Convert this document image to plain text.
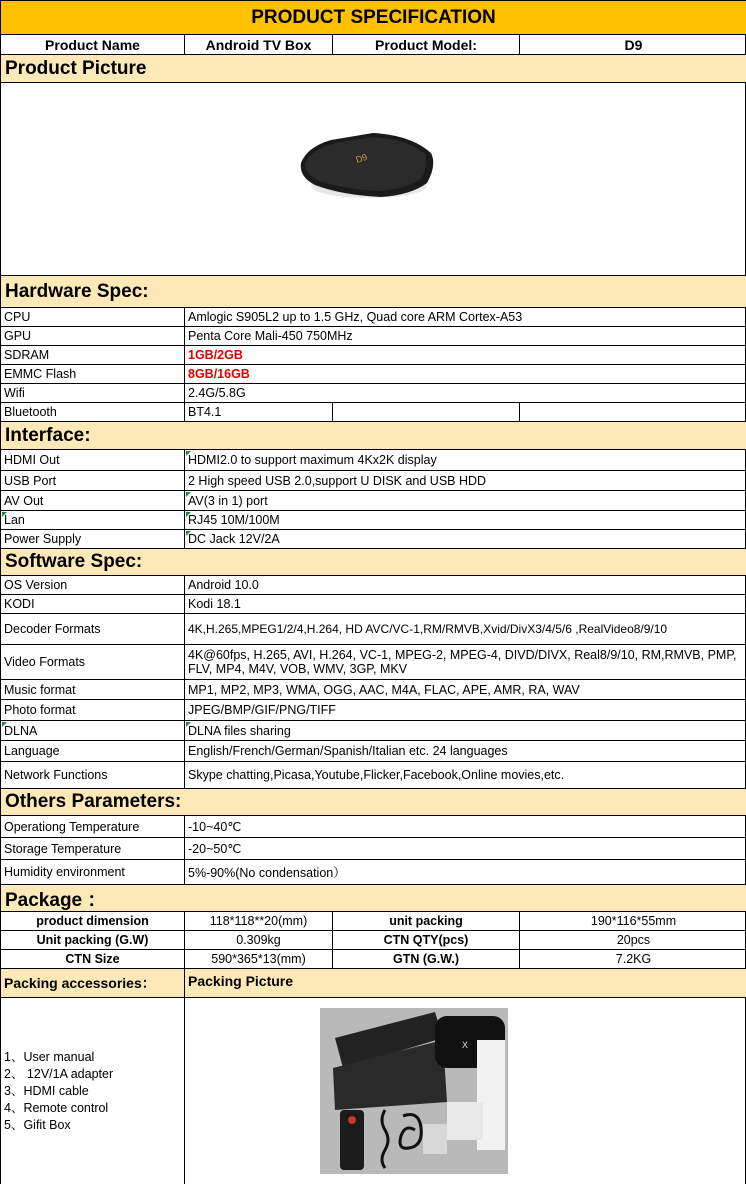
PRODUCT SPECIFICATION
Product Name	Android TV Box	Product Model:	D9
Product Picture
D9
Hardware Spec:
CPU	Amlogic S905L2 up to 1.5 GHz, Quad core ARM Cortex-A53
GPU	Penta Core Mali-450 750MHz
SDRAM	1GB/2GB
EMMC Flash	8GB/16GB
Wifi	2.4G/5.8G
Bluetooth	BT4.1
Interface:
HDMI Out	HDMI2.0 to support maximum 4Kx2K display
USB Port	2 High speed USB 2.0,support U DISK and USB HDD
AV Out	AV(3 in 1) port
Lan	RJ45 10M/100M
Power Supply	DC Jack 12V/2A
Software Spec:
OS Version	Android 10.0
KODI	Kodi 18.1
Decoder Formats	4K,H.265,MPEG1/2/4,H.264, HD AVC/VC-1,RM/RMVB,Xvid/DivX3/4/5/6 ,RealVideo8/9/10
Video Formats	4K@60fps, H.265, AVI, H.264, VC-1, MPEG-2, MPEG-4, DIVD/DIVX, Real8/9/10, RM,RMVB, PMP, FLV, MP4, M4V, VOB, WMV, 3GP, MKV
Music format	MP1, MP2, MP3, WMA, OGG, AAC, M4A, FLAC, APE, AMR, RA, WAV
Photo format	JPEG/BMP/GIF/PNG/TIFF
DLNA	DLNA files sharing
Language	English/French/German/Spanish/Italian etc. 24 languages
Network Functions	Skype chatting,Picasa,Youtube,Flicker,Facebook,Online movies,etc.
Others Parameters:
Operationg Temperature	-10~40℃
Storage Temperature	-20~50℃
Humidity environment	5%-90%(No condensation）
Package ：
product dimension	118*118**20(mm)	unit packing	190*116*55mm
Unit packing (G.W)	0.309kg	CTN QTY(pcs)	20pcs
CTN Size	590*365*13(mm)	GTN (G.W.)	7.2KG
Packing accessories：	Packing Picture
1、User manual
2、 12V/1A adapter
3、HDMI cable
4、Remote control
5、Gifit Box
X
